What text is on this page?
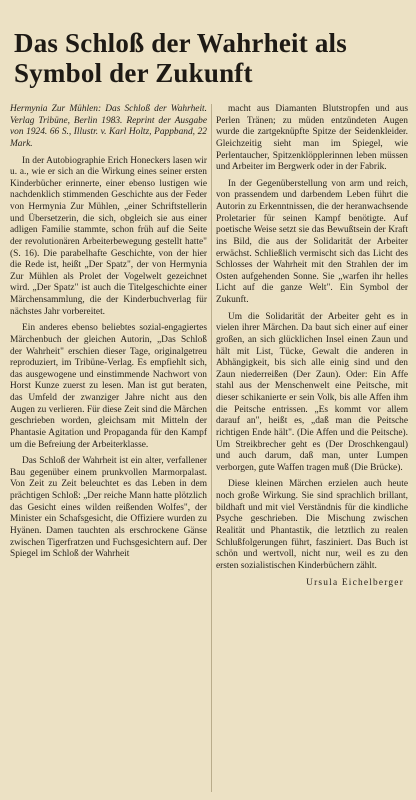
Das Schloß der Wahrheit als Symbol der Zukunft

Hermynia Zur Mühlen: Das Schloß der Wahrheit. Verlag Tribüne, Berlin 1983. Reprint der Ausgabe von 1924. 66 S., Illustr. v. Karl Holtz, Pappband, 22 Mark.

In der Autobiographie Erich Honeckers lasen wir u. a., wie er sich an die Wirkung eines seiner ersten Kinderbücher erinnerte, einer ebenso lustigen wie nachdenklich stimmenden Geschichte aus der Feder von Hermynia Zur Mühlen, „einer Schriftstellerin und Übersetzerin, die sich, obgleich sie aus einer adligen Familie stammte, schon früh auf die Seite der revolutionären Arbeiterbewegung gestellt hatte" (S. 16). Die parabelhafte Geschichte, von der hier die Rede ist, heißt „Der Spatz", der von Hermynia Zur Mühlen als Prolet der Vogelwelt gezeichnet wird. „Der Spatz" ist auch die Titelgeschichte einer Märchensammlung, die der Kinderbuchverlag für nächstes Jahr vorbereitet.

Ein anderes ebenso beliebtes sozial-engagiertes Märchenbuch der gleichen Autorin, „Das Schloß der Wahrheit" erschien dieser Tage, originalgetreu reproduziert, im Tribüne-Verlag. Es empfiehlt sich, das ausgewogene und einstimmende Nachwort von Horst Kunze zuerst zu lesen. Man ist gut beraten, das Umfeld der zwanziger Jahre nicht aus den Augen zu verlieren. Für diese Zeit sind die Märchen geschrieben worden, gleichsam mit Mitteln der Phantasie Agitation und Propaganda für den Kampf um die Befreiung der Arbeiterklasse.

Das Schloß der Wahrheit ist ein alter, verfallener Bau gegenüber einem prunkvollen Marmorpalast. Von Zeit zu Zeit beleuchtet es das Leben in dem prächtigen Schloß: „Der reiche Mann hatte plötzlich das Gesicht eines wilden reißenden Wolfes", der Minister ein Schafsgesicht, die Offiziere wurden zu Hyänen. Damen tauchten als erschrockene Gänse zwischen Tigerfratzen und Fuchsgesichtern auf. Der Spiegel im Schloß der Wahrheit

macht aus Diamanten Blutstropfen und aus Perlen Tränen; zu müden entzündeten Augen wurde die zartgeknüpfte Spitze der Seidenkleider. Gleichzeitig sieht man im Spiegel, wie Perlentaucher, Spitzenklöpplerinnen leben müssen und Arbeiter im Bergwerk oder in der Fabrik.

In der Gegenüberstellung von arm und reich, von prassendem und darbendem Leben führt die Autorin zu Erkenntnissen, die der heranwachsende Proletarier für seinen Kampf benötigte. Auf poetische Weise setzt sie das Bewußtsein der Kraft ins Bild, die aus der Solidarität der Arbeiter erwächst. Schließlich vermischt sich das Licht des Schlosses der Wahrheit mit den Strahlen der im Osten aufgehenden Sonne. Sie „warfen ihr helles Licht auf die ganze Welt". Ein Symbol der Zukunft.

Um die Solidarität der Arbeiter geht es in vielen ihrer Märchen. Da baut sich einer auf einer großen, an sich glücklichen Insel einen Zaun und hält mit List, Tücke, Gewalt die anderen in Abhängigkeit, bis sich alle einig sind und den Zaun niederreißen (Der Zaun). Oder: Ein Affe stahl aus der Menschenwelt eine Peitsche, mit dieser schikanierte er sein Volk, bis alle Affen ihm die Peitsche entrissen. „Es kommt vor allem darauf an", heißt es, „daß man die Peitsche richtigen Ende hält". (Die Affen und die Peitsche). Um Streikbrecher geht es (Der Droschkengaul) und auch darum, daß man, unter Lumpen verborgen, gute Waffen tragen muß (Die Brücke).

Diese kleinen Märchen erzielen auch heute noch große Wirkung. Sie sind sprachlich brillant, bildhaft und mit viel Verständnis für die kindliche Psyche geschrieben. Die Mischung zwischen Realität und Phantastik, die letztlich zu realen Schlußfolgerungen führt, fasziniert. Das Buch ist schön und wertvoll, nicht nur, weil es zu den ersten sozialistischen Kinderbüchern zählt.

Ursula Eichelberger
